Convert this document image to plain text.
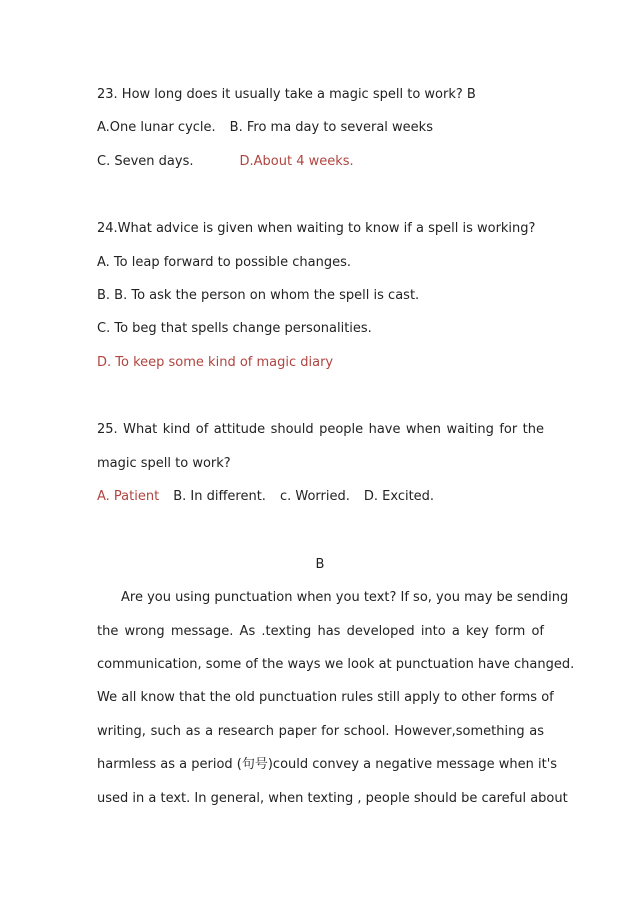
23. How long does it usually take a magic spell to work? B
A.One lunar cycle. B. Fro ma day to several weeks
C. Seven days.	D.About 4 weeks.
24.What advice is given when waiting to know if a spell is working?
A. To leap forward to possible changes.
B. B. To ask the person on whom the spell is cast.
C. To beg that spells change personalities.
D. To keep some kind of magic diary
25. What kind of attitude should people have when waiting for the
magic spell to work?
A. Patient B. In different. c. Worried. D. Excited.
B
Are you using punctuation when you text? If so, you may be sending
the wrong message. As .texting has developed into a key form of
communication, some of the ways we look at punctuation have changed.
We all know that the old punctuation rules still apply to other forms of
writing, such as a research paper for school. However,something as
harmless as a period (句号)could convey a negative message when it's
used in a text. In general, when texting , people should be careful about
